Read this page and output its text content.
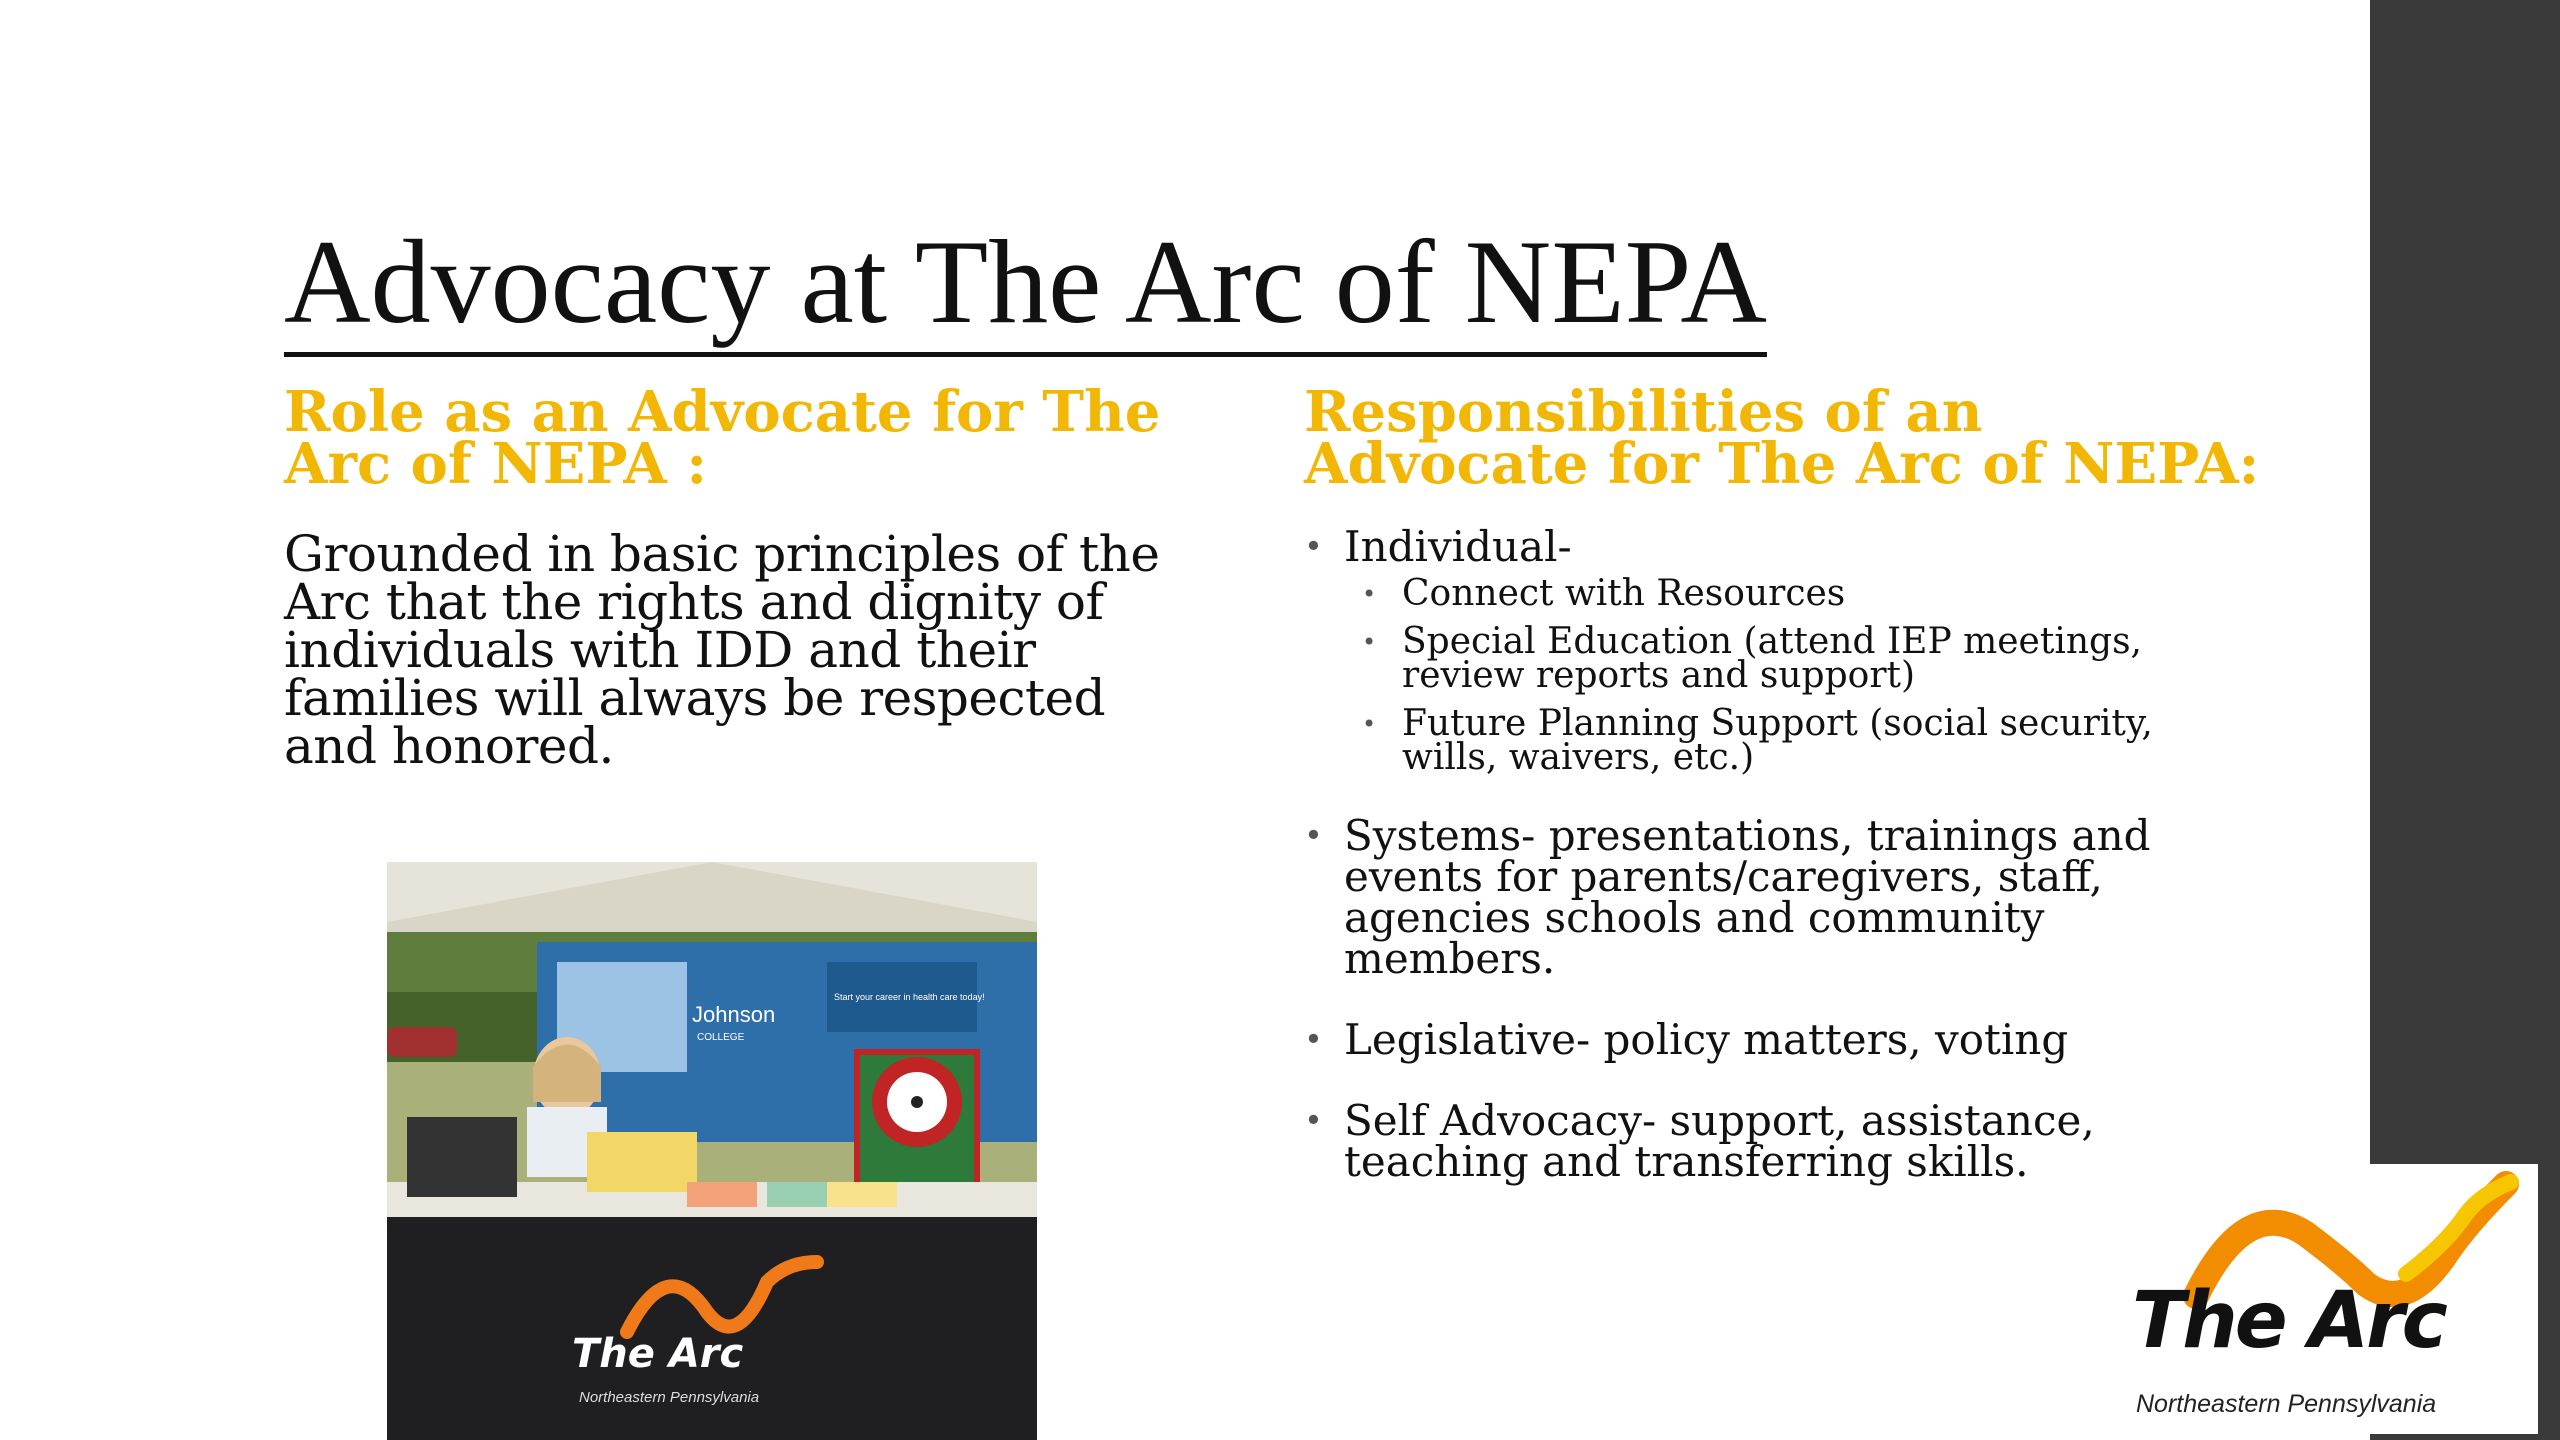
Advocacy at The Arc of NEPA
Role as an Advocate for The Arc of NEPA :
Grounded in basic principles of the Arc that the rights and dignity of individuals with IDD and their families will always be respected and honored.
Responsibilities of an Advocate for The Arc of NEPA:
• Individual-
• Connect with Resources
• Special Education (attend IEP meetings, review reports and support)
• Future Planning Support (social security, wills, waivers, etc.)
• Systems- presentations, trainings and events for parents/caregivers, staff, agencies schools and community members.
• Legislative- policy matters, voting
• Self Advocacy- support, assistance, teaching and transferring skills.
Johnson
COLLEGE
Start your career in health care today!
The Arc
Northeastern Pennsylvania
The Arc
Northeastern Pennsylvania
